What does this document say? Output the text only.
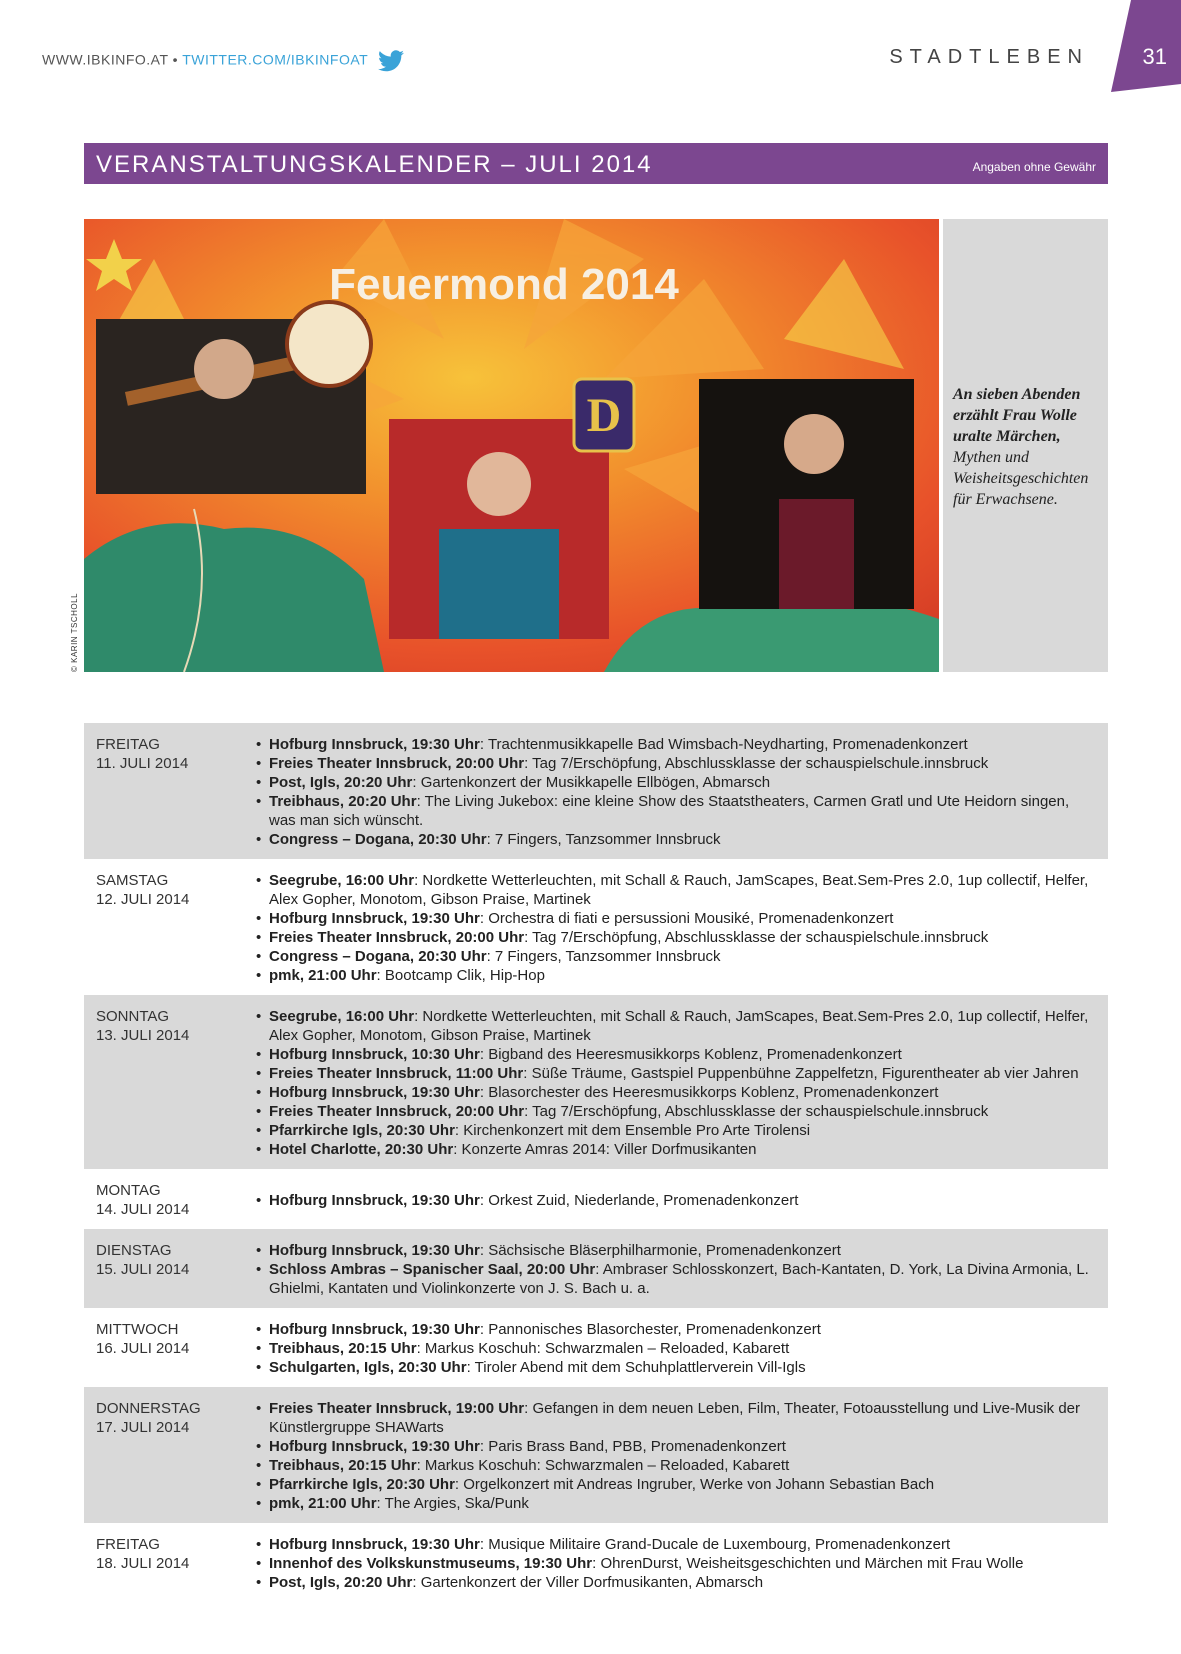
WWW.IBKINFO.AT • TWITTER.COM/IBKINFOAT	STADTLEBEN 31
VERANSTALTUNGSKALENDER – JULI 2014	Angaben ohne Gewähr
D
Feuermond 2014
© KARIN TSCHOLL
An sieben Abenden erzählt Frau Wolle uralte Märchen, Mythen und Weisheitsgeschichten für Erwachsene.
FREITAG
11. JULI 2014
• Hofburg Innsbruck, 19:30 Uhr: Trachtenmusikkapelle Bad Wimsbach-Neydharting, Promenadenkonzert
• Freies Theater Innsbruck, 20:00 Uhr: Tag 7/Erschöpfung, Abschlussklasse der schauspielschule.innsbruck
• Post, Igls, 20:20 Uhr: Gartenkonzert der Musikkapelle Ellbögen, Abmarsch
• Treibhaus, 20:20 Uhr: The Living Jukebox: eine kleine Show des Staatstheaters, Carmen Gratl und Ute Heidorn singen, was man sich wünscht.
• Congress – Dogana, 20:30 Uhr: 7 Fingers, Tanzsommer Innsbruck
SAMSTAG
12. JULI 2014
• Seegrube, 16:00 Uhr: Nordkette Wetterleuchten, mit Schall & Rauch, JamScapes, Beat.Sem-Pres 2.0, 1up collectif, Helfer, Alex Gopher, Monotom, Gibson Praise, Martinek
• Hofburg Innsbruck, 19:30 Uhr: Orchestra di fiati e persussioni Mousiké, Promenadenkonzert
• Freies Theater Innsbruck, 20:00 Uhr: Tag 7/Erschöpfung, Abschlussklasse der schauspielschule.innsbruck
• Congress – Dogana, 20:30 Uhr: 7 Fingers, Tanzsommer Innsbruck
• pmk, 21:00 Uhr: Bootcamp Clik, Hip-Hop
SONNTAG
13. JULI 2014
• Seegrube, 16:00 Uhr: Nordkette Wetterleuchten, mit Schall & Rauch, JamScapes, Beat.Sem-Pres 2.0, 1up collectif, Helfer, Alex Gopher, Monotom, Gibson Praise, Martinek
• Hofburg Innsbruck, 10:30 Uhr: Bigband des Heeresmusikkorps Koblenz, Promenadenkonzert
• Freies Theater Innsbruck, 11:00 Uhr: Süße Träume, Gastspiel Puppenbühne Zappelfetzn, Figurentheater ab vier Jahren
• Hofburg Innsbruck, 19:30 Uhr: Blasorchester des Heeresmusikkorps Koblenz, Promenadenkonzert
• Freies Theater Innsbruck, 20:00 Uhr: Tag 7/Erschöpfung, Abschlussklasse der schauspielschule.innsbruck
• Pfarrkirche Igls, 20:30 Uhr: Kirchenkonzert mit dem Ensemble Pro Arte Tirolensi
• Hotel Charlotte, 20:30 Uhr: Konzerte Amras 2014: Viller Dorfmusikanten
MONTAG
14. JULI 2014
• Hofburg Innsbruck, 19:30 Uhr: Orkest Zuid, Niederlande, Promenadenkonzert
DIENSTAG
15. JULI 2014
• Hofburg Innsbruck, 19:30 Uhr: Sächsische Bläserphilharmonie, Promenadenkonzert
• Schloss Ambras – Spanischer Saal, 20:00 Uhr: Ambraser Schlosskonzert, Bach-Kantaten, D. York, La Divina Armonia, L. Ghielmi, Kantaten und Violinkonzerte von J. S. Bach u. a.
MITTWOCH
16. JULI 2014
• Hofburg Innsbruck, 19:30 Uhr: Pannonisches Blasorchester, Promenadenkonzert
• Treibhaus, 20:15 Uhr: Markus Koschuh: Schwarzmalen – Reloaded, Kabarett
• Schulgarten, Igls, 20:30 Uhr: Tiroler Abend mit dem Schuhplattlerverein Vill-Igls
DONNERSTAG
17. JULI 2014
• Freies Theater Innsbruck, 19:00 Uhr: Gefangen in dem neuen Leben, Film, Theater, Fotoausstellung und Live-Musik der Künstlergruppe SHAWarts
• Hofburg Innsbruck, 19:30 Uhr: Paris Brass Band, PBB, Promenadenkonzert
• Treibhaus, 20:15 Uhr: Markus Koschuh: Schwarzmalen – Reloaded, Kabarett
• Pfarrkirche Igls, 20:30 Uhr: Orgelkonzert mit Andreas Ingruber, Werke von Johann Sebastian Bach
• pmk, 21:00 Uhr: The Argies, Ska/Punk
FREITAG
18. JULI 2014
• Hofburg Innsbruck, 19:30 Uhr: Musique Militaire Grand-Ducale de Luxembourg, Promenadenkonzert
• Innenhof des Volkskunstmuseums, 19:30 Uhr: OhrenDurst, Weisheitsgeschichten und Märchen mit Frau Wolle
• Post, Igls, 20:20 Uhr: Gartenkonzert der Viller Dorfmusikanten, Abmarsch
